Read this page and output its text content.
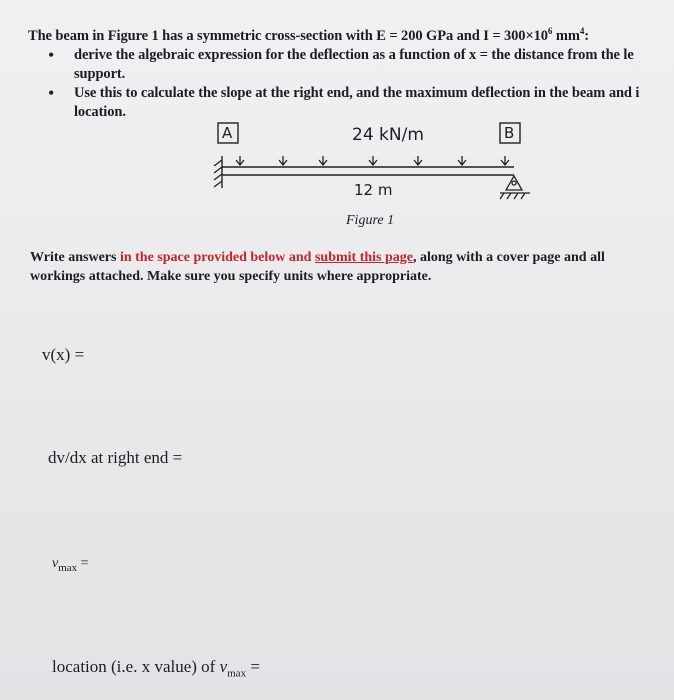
The beam in Figure 1 has a symmetric cross-section with E = 200 GPa and $I = 300\times 10^6$ $mm^4$:
• derive the algebraic expression for the deflection as a function of x = the distance from the le
support.
• Use this to calculate the slope at the right end, and the maximum deflection in the beam and i
location.
A	B
24 kN/m
12 m
Figure 1
Write answers in the space provided below and submit this page, along with a cover page and all
workings attached. Make sure you specify units where appropriate.
v(x) =
dv/dx at right end =
$v_{max}$ =
location (i.e. x value) of $v_{max}$ =
